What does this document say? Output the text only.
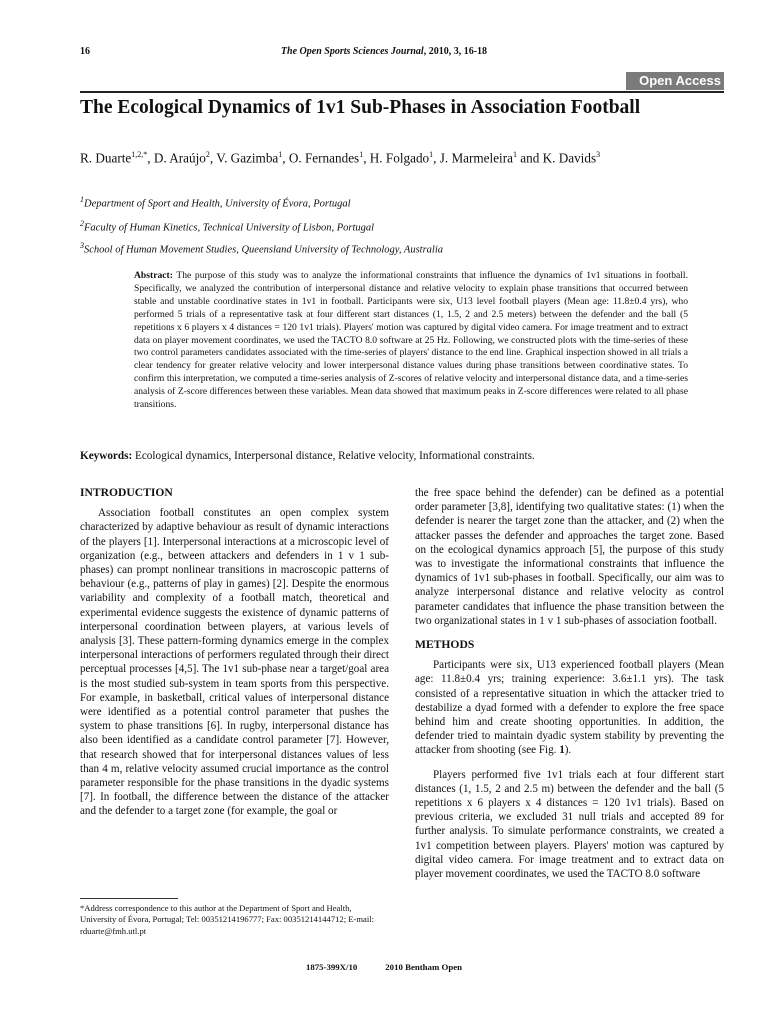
16	The Open Sports Sciences Journal, 2010, 3, 16-18
Open Access
The Ecological Dynamics of 1v1 Sub-Phases in Association Football
R. Duarte$^{1,2,*}$, D. Araújo$^2$, V. Gazimba$^1$, O. Fernandes$^1$, H. Folgado$^1$, J. Marmeleira$^1$ and K. Davids$^3$
$^1$Department of Sport and Health, University of Évora, Portugal
$^2$Faculty of Human Kinetics, Technical University of Lisbon, Portugal
$^3$School of Human Movement Studies, Queensland University of Technology, Australia
Abstract: The purpose of this study was to analyze the informational constraints that influence the dynamics of 1v1 situations in football. Specifically, we analyzed the contribution of interpersonal distance and relative velocity to explain phase transitions that occurred between stable and unstable coordinative states in 1v1 in football. Participants were six, U13 level football players (Mean age: 11.8±0.4 yrs), who performed 5 trials of a representative task at four different start distances (1, 1.5, 2 and 2.5 meters) between the defender and the ball (5 repetitions x 6 players x 4 distances = 120 1v1 trials). Players' motion was captured by digital video camera. For image treatment and to extract data on player movement coordinates, we used the TACTO 8.0 software at 25 Hz. Following, we constructed plots with the time-series of these two control parameters candidates associated with the time-series of players' distance to the end line. Graphical inspection showed in all trials a clear tendency for greater relative velocity and lower interpersonal distance values during phase transitions between coordinative states. To confirm this interpretation, we computed a time-series analysis of Z-scores of relative velocity and interpersonal distance data, and a time-series analysis of Z-score differences between these variables. Mean data showed that maximum peaks in Z-score differences were related to all phase transitions.
Keywords: Ecological dynamics, Interpersonal distance, Relative velocity, Informational constraints.
INTRODUCTION

Association football constitutes an open complex system characterized by adaptive behaviour as result of dynamic interactions of the players [1]. Interpersonal interactions at a microscopic level of organization (e.g., between attackers and defenders in 1 v 1 sub-phases) can prompt nonlinear transitions in macroscopic patterns of behaviour (e.g., patterns of play in games) [2]. Despite the enormous variability and complexity of a football match, theoretical and experimental evidence suggests the existence of dynamic patterns of interpersonal coordination between players, at various levels of analysis [3]. These pattern-forming dynamics emerge in the complex interpersonal interactions of performers regulated through their direct perceptual processes [4,5]. The 1v1 sub-phase near a target/goal area is the most studied sub-system in team sports from this perspective. For example, in basketball, critical values of interpersonal distance were identified as a potential control parameter that pushes the system to phase transitions [6]. In rugby, interpersonal distance has also been identified as a candidate control parameter [7]. However, that research showed that for interpersonal distances values of less than 4 m, relative velocity assumed crucial importance as the control parameter responsible for the phase transitions in the dyadic systems [7]. In football, the difference between the distance of the attacker and the defender to a target zone (for example, the goal or

the free space behind the defender) can be defined as a potential order parameter [3,8], identifying two qualitative states: (1) when the defender is nearer the target zone than the attacker, and (2) when the attacker passes the defender and approaches the target zone. Based on the ecological dynamics approach [5], the purpose of this study was to investigate the informational constraints that influence the dynamics of 1v1 sub-phases in football. Specifically, our aim was to analyze interpersonal distance and relative velocity as control parameter candidates that influence the phase transition between the two organizational states in 1 v 1 sub-phases of association football.

METHODS

Participants were six, U13 experienced football players (Mean age: 11.8±0.4 yrs; training experience: 3.6±1.1 yrs). The task consisted of a representative situation in which the attacker tried to destabilize a dyad formed with a defender to explore the free space behind him and create shooting opportunities. In addition, the defender tried to maintain dyadic system stability by preventing the attacker from shooting (see Fig. 1).

Players performed five 1v1 trials each at four different start distances (1, 1.5, 2 and 2.5 m) between the defender and the ball (5 repetitions x 6 players x 4 distances = 120 1v1 trials). Based on previous criteria, we excluded 31 null trials and accepted 89 for further analysis. To simulate performance constraints, we created a 1v1 competition between players. Players' motion was captured by digital video camera. For image treatment and to extract data on player movement coordinates, we used the TACTO 8.0 software

*Address correspondence to this author at the Department of Sport and Health, University of Évora, Portugal; Tel: 00351214196777; Fax: 00351214144712; E-mail: rduarte@fmh.utl.pt
1875-399X/10	2010 Bentham Open
